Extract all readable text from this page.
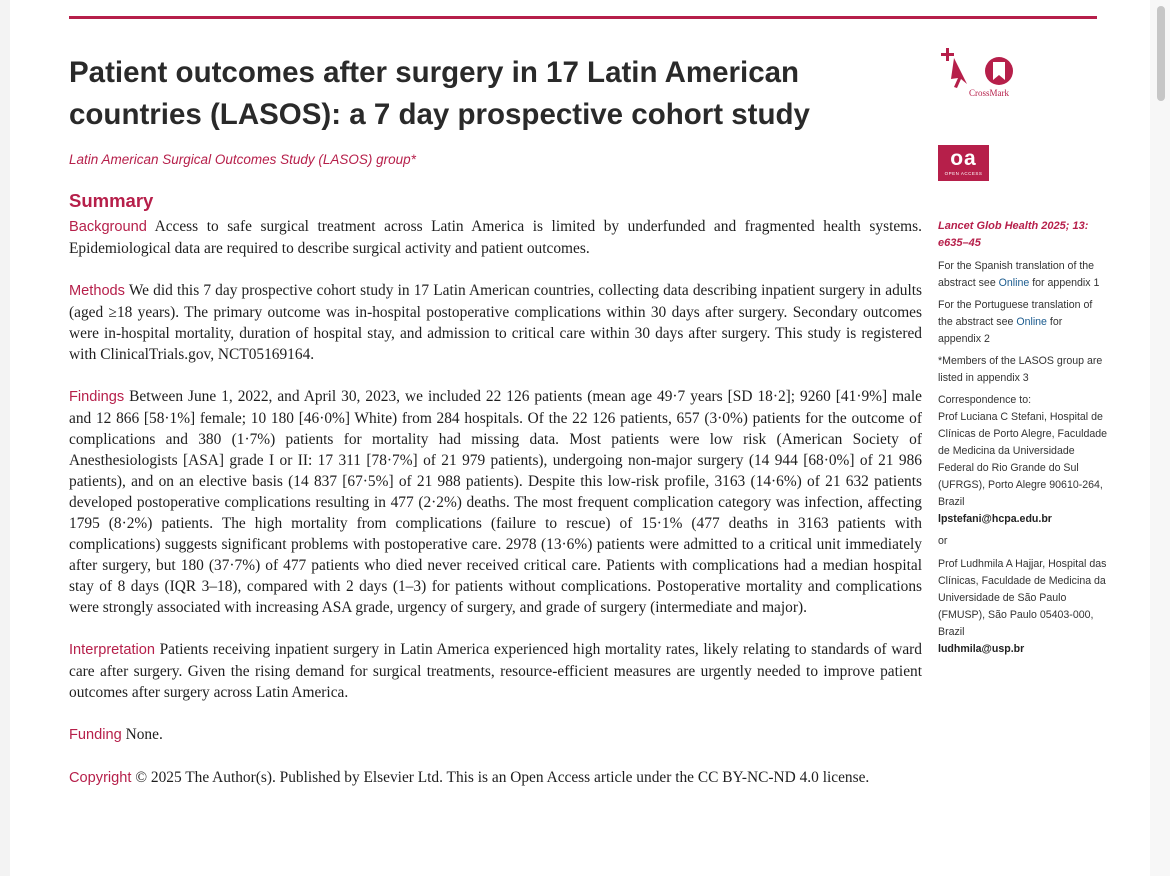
Patient outcomes after surgery in 17 Latin American countries (LASOS): a 7 day prospective cohort study

Latin American Surgical Outcomes Study (LASOS) group*

Summary

Background Access to safe surgical treatment across Latin America is limited by underfunded and fragmented health systems. Epidemiological data are required to describe surgical activity and patient outcomes.

Methods We did this 7 day prospective cohort study in 17 Latin American countries, collecting data describing inpatient surgery in adults (aged ≥18 years). The primary outcome was in-hospital postoperative complications within 30 days after surgery. Secondary outcomes were in-hospital mortality, duration of hospital stay, and admission to critical care within 30 days after surgery. This study is registered with ClinicalTrials.gov, NCT05169164.

Findings Between June 1, 2022, and April 30, 2023, we included 22 126 patients (mean age 49·7 years [SD 18·2]; 9260 [41·9%] male and 12 866 [58·1%] female; 10 180 [46·0%] White) from 284 hospitals. Of the 22 126 patients, 657 (3·0%) patients for the outcome of complications and 380 (1·7%) patients for mortality had missing data. Most patients were low risk (American Society of Anesthesiologists [ASA] grade I or II: 17 311 [78·7%] of 21 979 patients), undergoing non-major surgery (14 944 [68·0%] of 21 986 patients), and on an elective basis (14 837 [67·5%] of 21 988 patients). Despite this low-risk profile, 3163 (14·6%) of 21 632 patients developed postoperative complications resulting in 477 (2·2%) deaths. The most frequent complication category was infection, affecting 1795 (8·2%) patients. The high mortality from complications (failure to rescue) of 15·1% (477 deaths in 3163 patients with complications) suggests significant problems with postoperative care. 2978 (13·6%) patients were admitted to a critical unit immediately after surgery, but 180 (37·7%) of 477 patients who died never received critical care. Patients with complications had a median hospital stay of 8 days (IQR 3–18), compared with 2 days (1–3) for patients without complications. Postoperative mortality and complications were strongly associated with increasing ASA grade, urgency of surgery, and grade of surgery (intermediate and major).

Interpretation Patients receiving inpatient surgery in Latin America experienced high mortality rates, likely relating to standards of ward care after surgery. Given the rising demand for surgical treatments, resource-efficient measures are urgently needed to improve patient outcomes after surgery across Latin America.

Funding None.

Copyright © 2025 The Author(s). Published by Elsevier Ltd. This is an Open Access article under the CC BY-NC-ND 4.0 license.

CrossMark
oa
OPEN ACCESS
Lancet Glob Health 2025; 13: e635–45

For the Spanish translation of the abstract see Online for appendix 1

For the Portuguese translation of the abstract see Online for appendix 2

*Members of the LASOS group are listed in appendix 3

Correspondence to:
Prof Luciana C Stefani, Hospital de Clínicas de Porto Alegre, Faculdade de Medicina da Universidade Federal do Rio Grande do Sul (UFRGS), Porto Alegre 90610-264, Brazil

lpstefani@hcpa.edu.br

or

Prof Ludhmila A Hajjar, Hospital das Clínicas, Faculdade de Medicina da Universidade de São Paulo (FMUSP), São Paulo 05403-000, Brazil

ludhmila@usp.br
